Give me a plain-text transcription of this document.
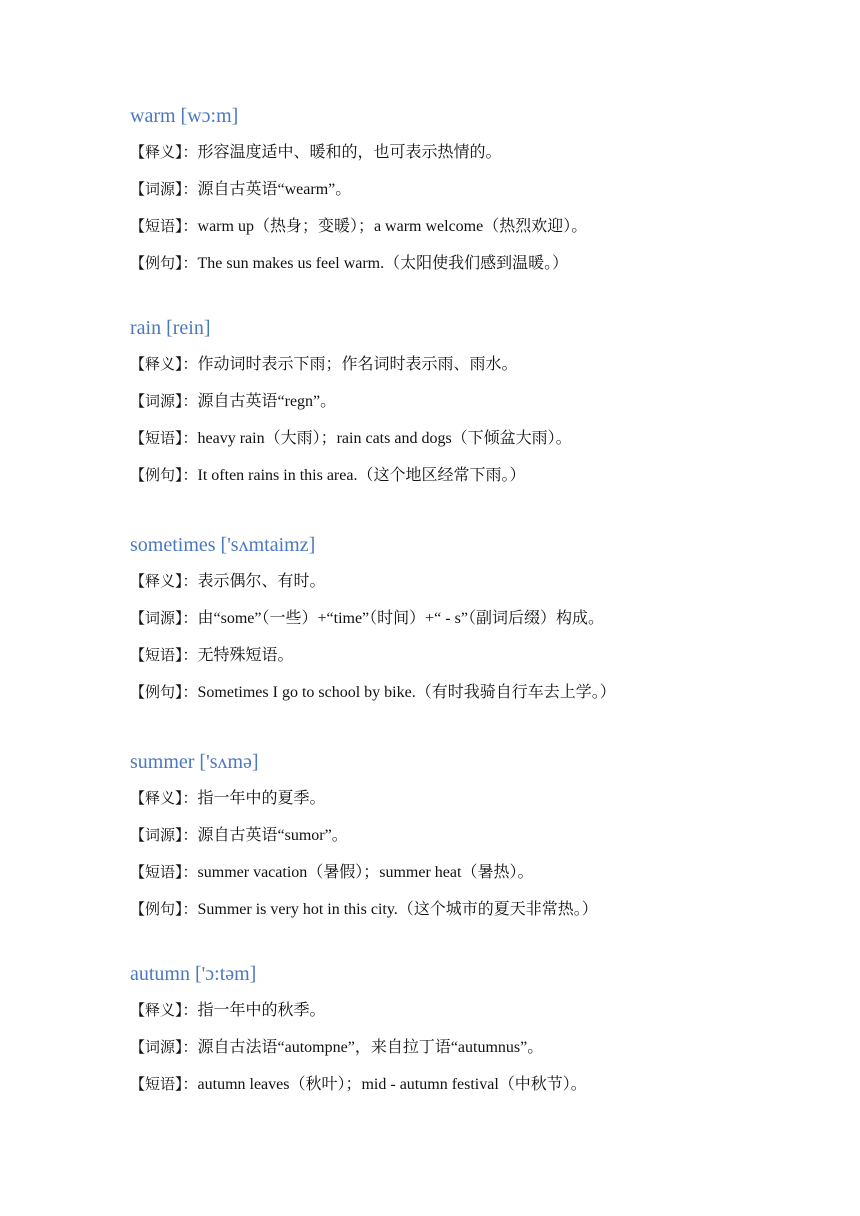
warm [wɔ:m]
【释义】：形容温度适中、暖和的，也可表示热情的。
【词源】：源自古英语“wearm”。
【短语】：warm up（热身；变暖）；a warm welcome（热烈欢迎）。
【例句】：The sun makes us feel warm.（太阳使我们感到温暖。）
rain [rein]
【释义】：作动词时表示下雨；作名词时表示雨、雨水。
【词源】：源自古英语“regn”。
【短语】：heavy rain（大雨）；rain cats and dogs（下倾盆大雨）。
【例句】：It often rains in this area.（这个地区经常下雨。）
sometimes ['sʌmtaimz]
【释义】：表示偶尔、有时。
【词源】：由“some”（一些）+“time”（时间）+“ - s”（副词后缀）构成。
【短语】：无特殊短语。
【例句】：Sometimes I go to school by bike.（有时我骑自行车去上学。）
summer ['sʌmə]
【释义】：指一年中的夏季。
【词源】：源自古英语“sumor”。
【短语】：summer vacation（暑假）；summer heat（暑热）。
【例句】：Summer is very hot in this city.（这个城市的夏天非常热。）
autumn ['ɔ:təm]
【释义】：指一年中的秋季。
【词源】：源自古法语“autompne”，来自拉丁语“autumnus”。
【短语】：autumn leaves（秋叶）；mid - autumn festival（中秋节）。
